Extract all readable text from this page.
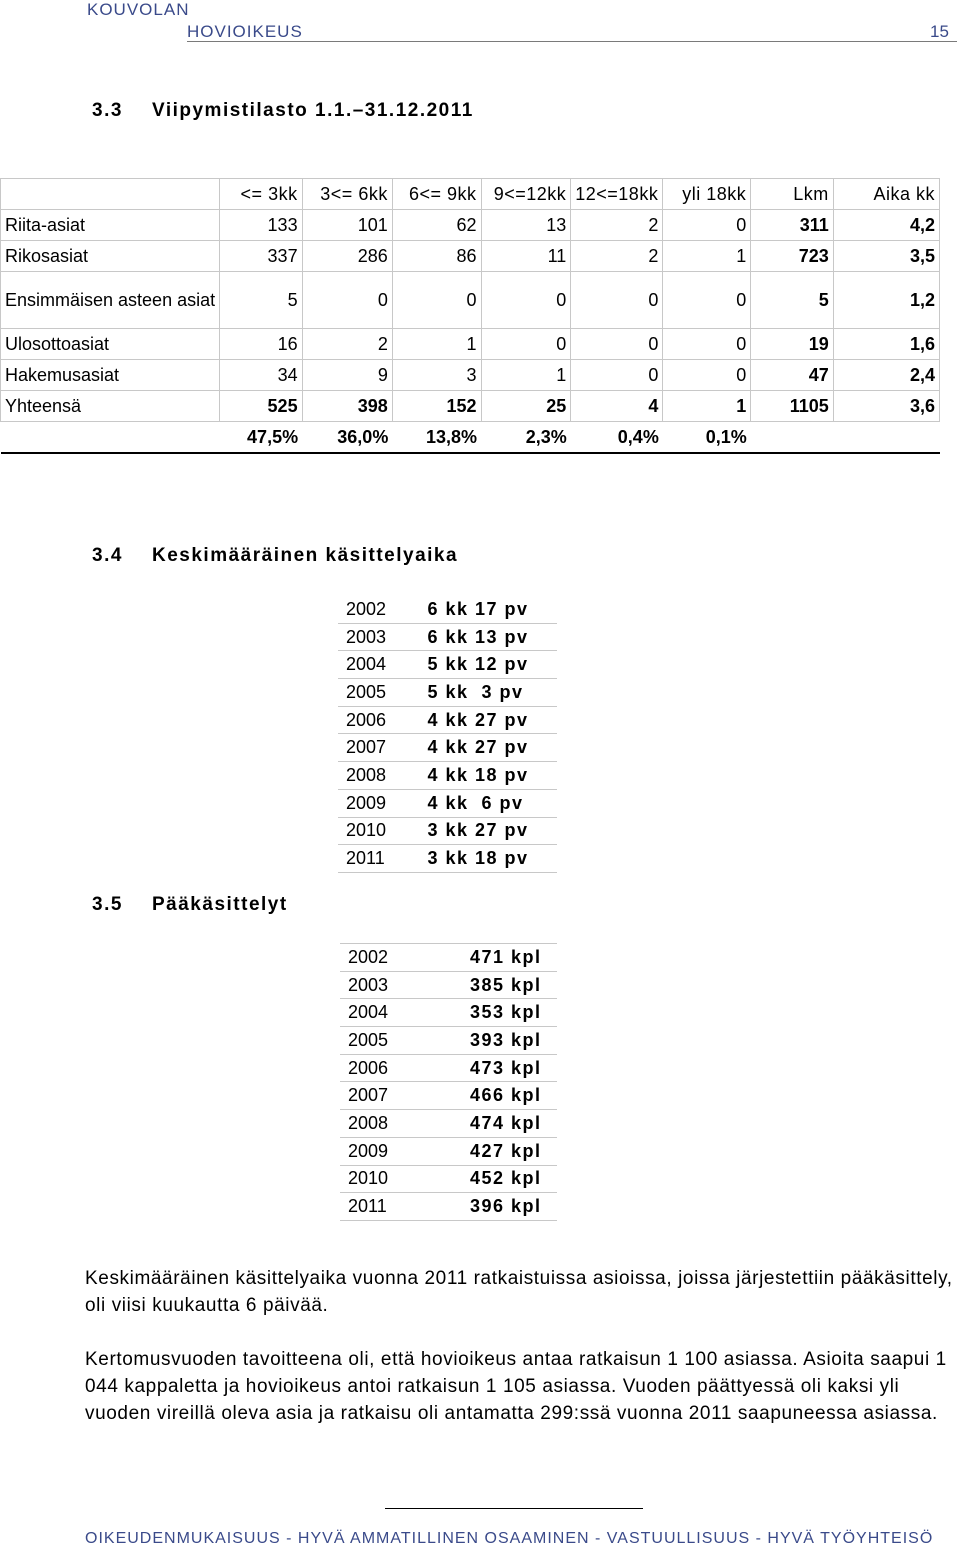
KOUVOLAN
HOVIOIKEUS	15
3.3 Viipymistilasto 1.1.–31.12.2011
	<= 3kk	3<= 6kk	6<= 9kk	9<=12kk	12<=18kk	yli 18kk	Lkm	Aika kk
Riita-asiat	133	101	62	13	2	0	311	4,2
Rikosasiat	337	286	86	11	2	1	723	3,5
Ensimmäisen asteen asiat	5	0	0	0	0	0	5	1,2
Ulosottoasiat	16	2	1	0	0	0	19	1,6
Hakemusasiat	34	9	3	1	0	0	47	2,4
Yhteensä	525	398	152	25	4	1	1105	3,6
	47,5%	36,0%	13,8%	2,3%	0,4%	0,1%		
3.4 Keskimääräinen käsittelyaika
2002	6 kk 17 pv
2003	6 kk 13 pv
2004	5 kk 12 pv
2005	5 kk  3 pv
2006	4 kk 27 pv
2007	4 kk 27 pv
2008	4 kk 18 pv
2009	4 kk  6 pv
2010	3 kk 27 pv
2011	3 kk 18 pv
3.5 Pääkäsittelyt
2002	471 kpl
2003	385 kpl
2004	353 kpl
2005	393 kpl
2006	473 kpl
2007	466 kpl
2008	474 kpl
2009	427 kpl
2010	452 kpl
2011	396 kpl
Keskimääräinen käsittelyaika vuonna 2011 ratkaistuissa asioissa, joissa järjestettiin pääkäsittely, oli viisi kuukautta 6 päivää.
Kertomusvuoden tavoitteena oli, että hovioikeus antaa ratkaisun 1 100 asiassa. Asioita saapui 1 044 kappaletta ja hovioikeus antoi ratkaisun 1 105 asiassa. Vuoden päättyessä oli kaksi yli vuoden vireillä oleva asia ja ratkaisu oli antamatta 299:ssä vuonna 2011 saapuneessa asiassa.
OIKEUDENMUKAISUUS - HYVÄ AMMATILLINEN OSAAMINEN - VASTUULLISUUS - HYVÄ TYÖYHTEISÖ
